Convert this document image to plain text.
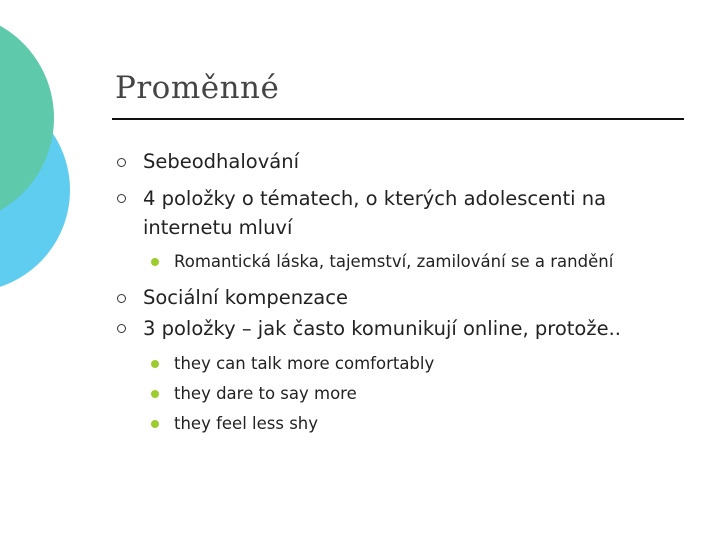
Proměnné
Sebeodhalování
4 položky o tématech, o kterých adolescenti na
internetu mluví
Romantická láska, tajemství, zamilování se a randění
Sociální kompenzace
3 položky – jak často komunikují online, protože..
they can talk more comfortably
they dare to say more
they feel less shy
